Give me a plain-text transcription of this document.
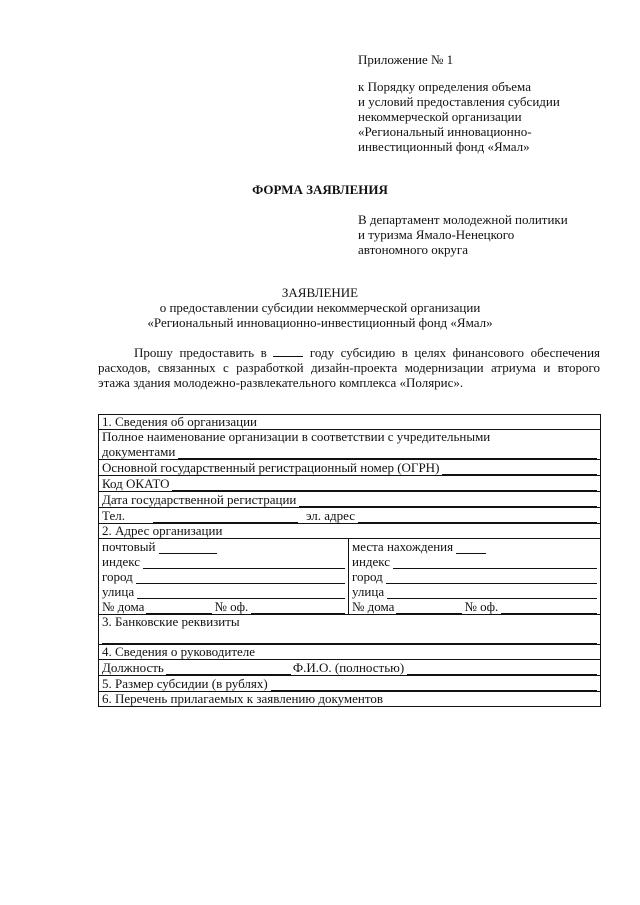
Приложение № 1
к Порядку определения объема
и условий предоставления субсидии
некоммерческой организации
«Региональный инновационно-
инвестиционный фонд «Ямал»
ФОРМА ЗАЯВЛЕНИЯ
В департамент молодежной политики
и туризма Ямало-Ненецкого
автономного округа
ЗАЯВЛЕНИЕ
о предоставлении субсидии некоммерческой организации
«Региональный инновационно-инвестиционный фонд «Ямал»
Прошу предоставить в	году субсидию в целях финансового обеспечения расходов, связанных с разработкой дизайн-проекта модернизации атриума и второго этажа здания молодежно-развлекательного комплекса «Полярис».
1. Сведения об организации

Полное наименование организации в соответствии с учредительными
документами

Основной государственный регистрационный номер (ОГРН)

Код ОКАТО

Дата государственной регистрации

Тел.	эл. адрес

2. Адрес организации

почтовый
индекс
город
улица
№ дома	№ оф.

места нахождения
индекс
город
улица
№ дома	№ оф.

3. Банковские реквизиты

4. Сведения о руководителе

Должность	Ф.И.О. (полностью)

5. Размер субсидии (в рублях)

6. Перечень прилагаемых к заявлению документов
